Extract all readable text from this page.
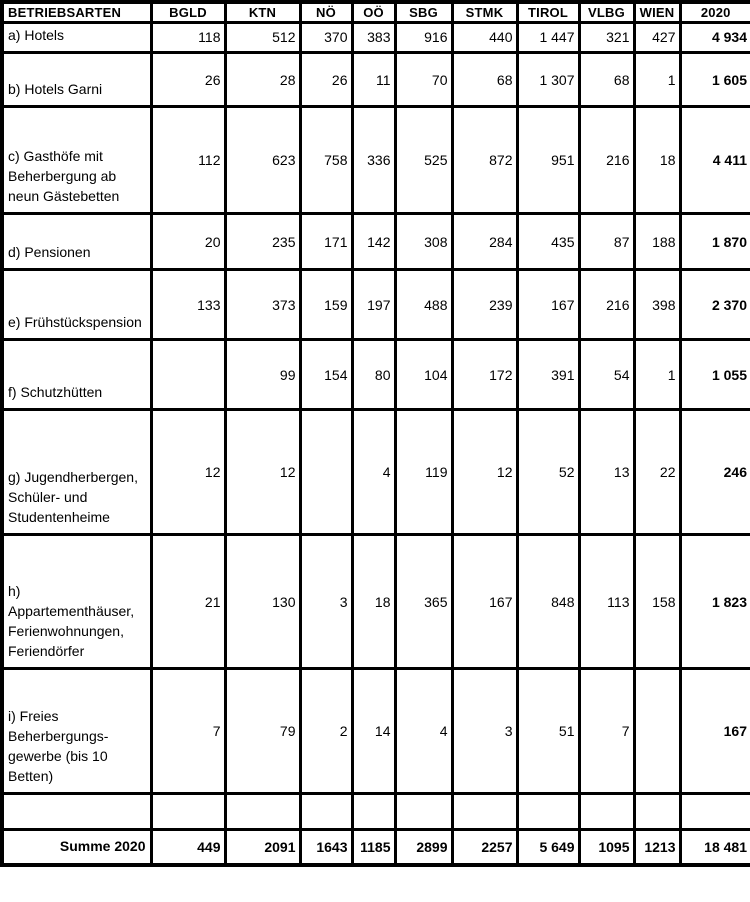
BETRIEBSARTEN	BGLD	KTN	NÖ	OÖ	SBG	STMK	TIROL	VLBG	WIEN	2020
a) Hotels	118	512	370	383	916	440	1 447	321	427	4 934
b) Hotels Garni	26	28	26	11	70	68	1 307	68	1	1 605
c) Gasthöfe mit Beherbergung ab neun Gästebetten	112	623	758	336	525	872	951	216	18	4 411
d) Pensionen	20	235	171	142	308	284	435	87	188	1 870
e) Frühstückspension	133	373	159	197	488	239	167	216	398	2 370
f) Schutzhütten		99	154	80	104	172	391	54	1	1 055
g) Jugendherbergen, Schüler- und Studentenheime	12	12		4	119	12	52	13	22	246
h) Appartementhäuser, Ferienwohnungen, Feriendörfer	21	130	3	18	365	167	848	113	158	1 823
i) Freies Beherbergungs-gewerbe (bis 10 Betten)	7	79	2	14	4	3	51	7		167

Summe 2020	449	2091	1643	1185	2899	2257	5 649	1095	1213	18 481
